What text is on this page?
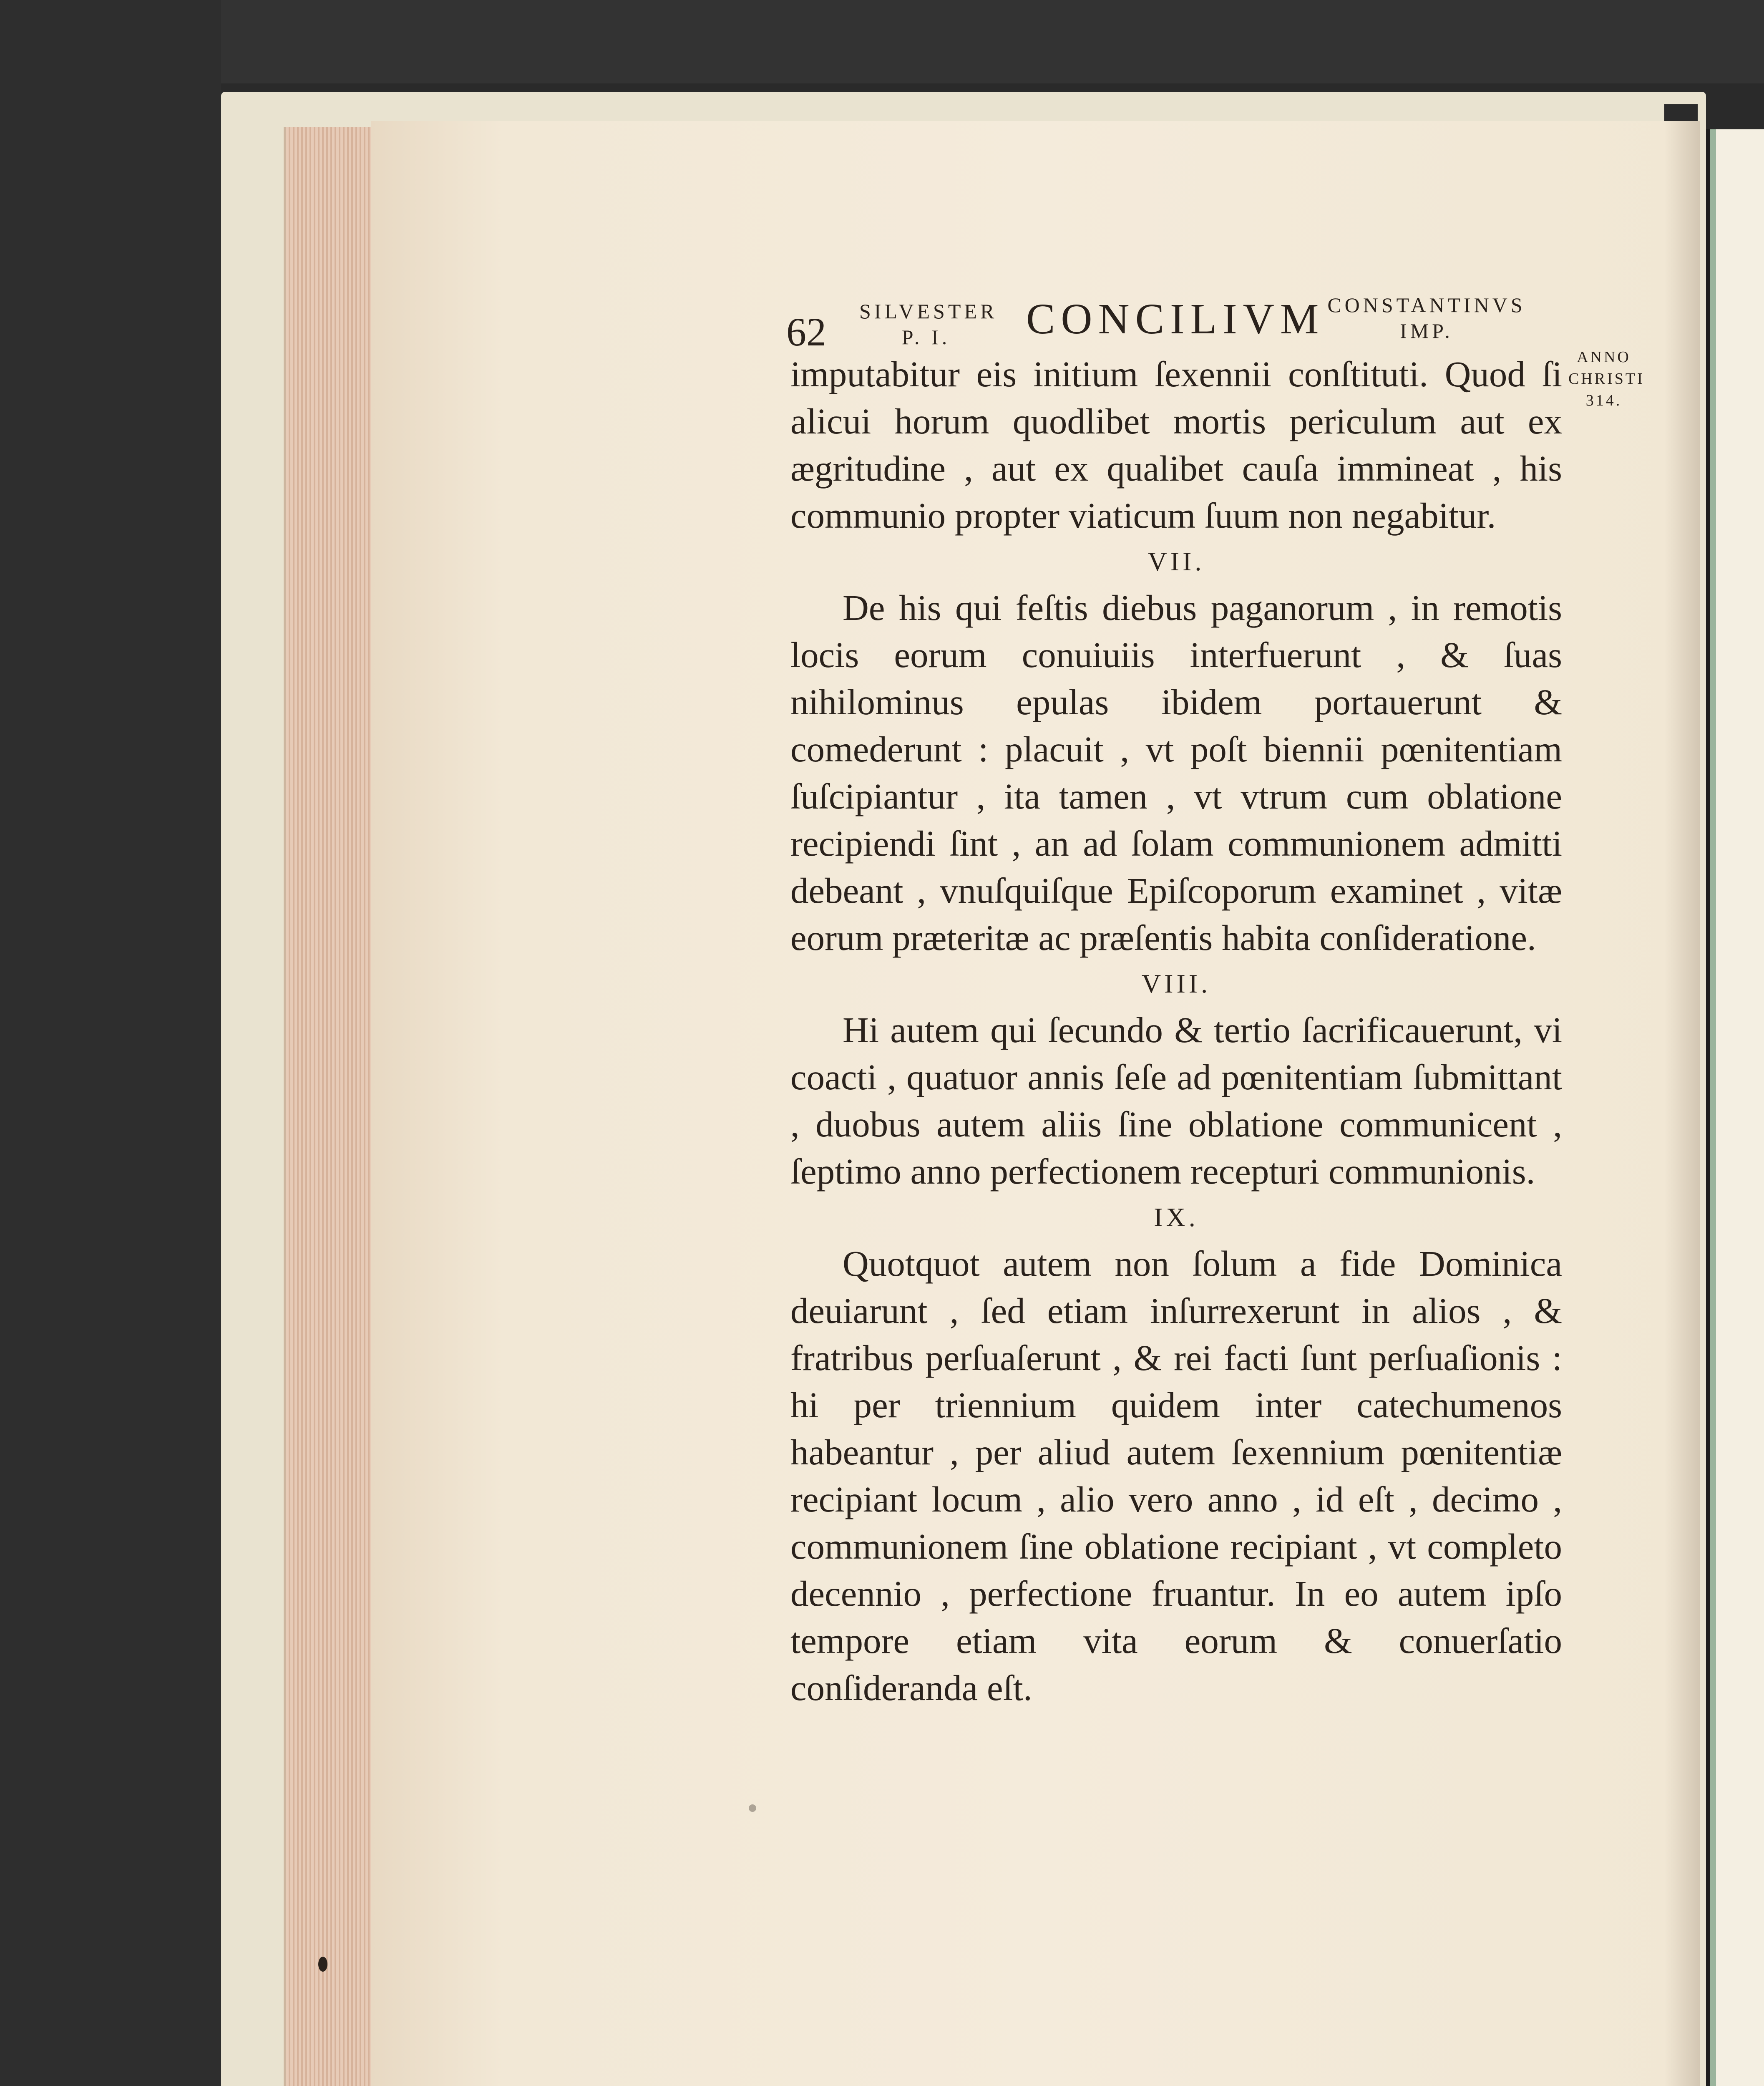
62 SILVESTER
P. I.	CONCILIVM CONSTANTINVS
IMP.
ANNO
CHRISTI
314.

imputabitur eis initium ſexennii conſtituti. Quod ſi alicui horum quodlibet mortis periculum aut ex ægritudine , aut ex qualibet cauſa immineat , his communio propter viaticum ſuum non negabitur.

VII.

De his qui feſtis diebus paganorum , in remotis locis eorum conuiuiis interfuerunt , & ſuas nihilominus epulas ibidem portauerunt & comederunt : placuit , vt poſt biennii pœnitentiam ſuſcipiantur , ita tamen , vt vtrum cum oblatione recipiendi ſint , an ad ſolam communionem admitti debeant , vnuſquiſque Epiſcoporum examinet , vitæ eorum præteritæ ac præſentis habita conſideratione.

VIII.

Hi autem qui ſecundo & tertio ſacrificauerunt, vi coacti , quatuor annis ſeſe ad pœnitentiam ſubmittant , duobus autem aliis ſine oblatione communicent , ſeptimo anno perfectionem recepturi communionis.

IX.

Quotquot autem non ſolum a fide Dominica deuiarunt , ſed etiam inſurrexerunt in alios , & fratribus perſuaſerunt , & rei facti ſunt perſuaſionis : hi per triennium quidem inter catechumenos habeantur , per aliud autem ſexennium pœnitentiæ recipiant locum , alio vero anno , id eſt , decimo , communionem ſine oblatione recipiant , vt completo decennio , perfectione fruantur. In eo autem ipſo tempore etiam vita eorum & conuerſatio conſideranda eſt.
